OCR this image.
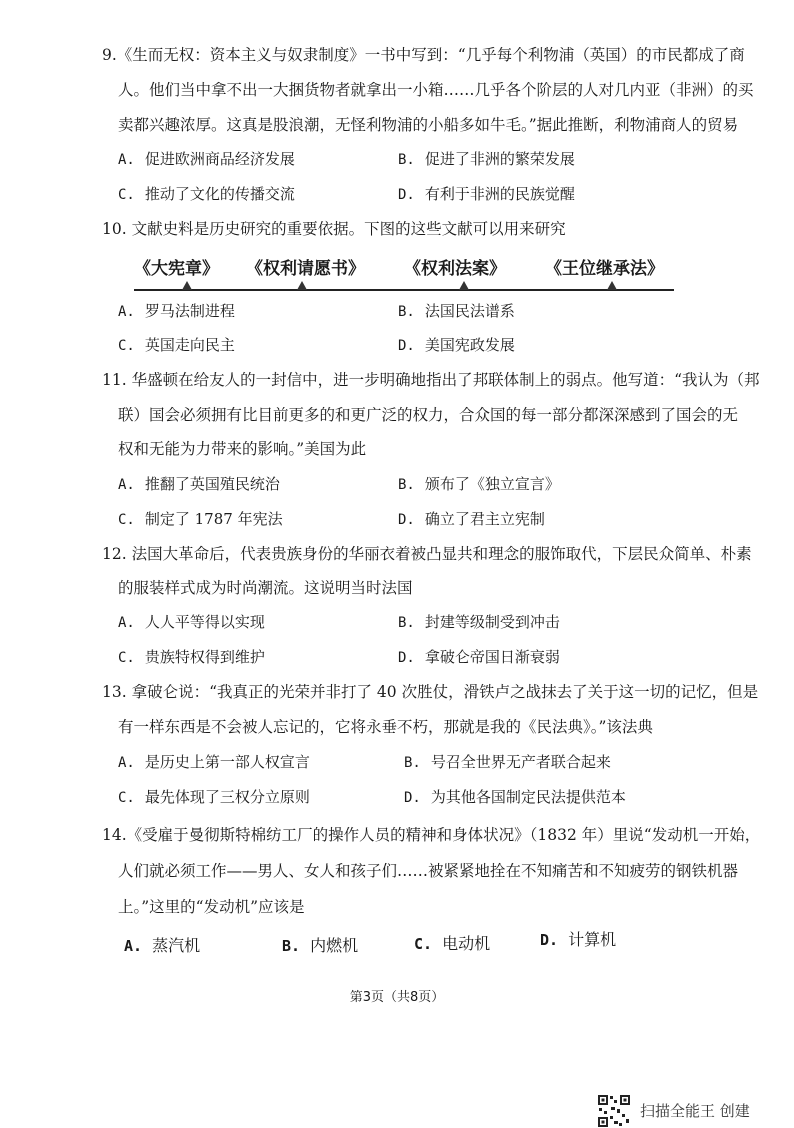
9.《生而无权：资本主义与奴隶制度》一书中写到：“几乎每个利物浦（英国）的市民都成了商
人。他们当中拿不出一大捆货物者就拿出一小箱……几乎各个阶层的人对几内亚（非洲）的买
卖都兴趣浓厚。这真是股浪潮，无怪利物浦的小船多如牛毛。”据此推断，利物浦商人的贸易
A. 促进欧洲商品经济发展	B. 促进了非洲的繁荣发展
C. 推动了文化的传播交流	D. 有利于非洲的民族觉醒
10. 文献史料是历史研究的重要依据。下图的这些文献可以用来研究
《大宪章》 《权利请愿书》 《权利法案》 《王位继承法》
A. 罗马法制进程	B. 法国民法谱系
C. 英国走向民主	D. 美国宪政发展
11. 华盛顿在给友人的一封信中，进一步明确地指出了邦联体制上的弱点。他写道：“我认为（邦
联）国会必须拥有比目前更多的和更广泛的权力，合众国的每一部分都深深感到了国会的无
权和无能为力带来的影响。”美国为此
A. 推翻了英国殖民统治	B. 颁布了《独立宣言》
C. 制定了 1787 年宪法	D. 确立了君主立宪制
12. 法国大革命后，代表贵族身份的华丽衣着被凸显共和理念的服饰取代，下层民众简单、朴素
的服装样式成为时尚潮流。这说明当时法国
A. 人人平等得以实现	B. 封建等级制受到冲击
C. 贵族特权得到维护	D. 拿破仑帝国日渐衰弱
13. 拿破仑说：“我真正的光荣并非打了 40 次胜仗，滑铁卢之战抹去了关于这一切的记忆，但是
有一样东西是不会被人忘记的，它将永垂不朽，那就是我的《民法典》。”该法典
A. 是历史上第一部人权宣言	B. 号召全世界无产者联合起来
C. 最先体现了三权分立原则	D. 为其他各国制定民法提供范本
14.《受雇于曼彻斯特棉纺工厂的操作人员的精神和身体状况》（1832 年）里说“发动机一开始，
人们就必须工作——男人、女人和孩子们……被紧紧地拴在不知痛苦和不知疲劳的钢铁机器
上。”这里的“发动机”应该是
A. 蒸汽机	B. 内燃机	C. 电动机	D. 计算机
第3页（共8页）
扫描全能王 创建
